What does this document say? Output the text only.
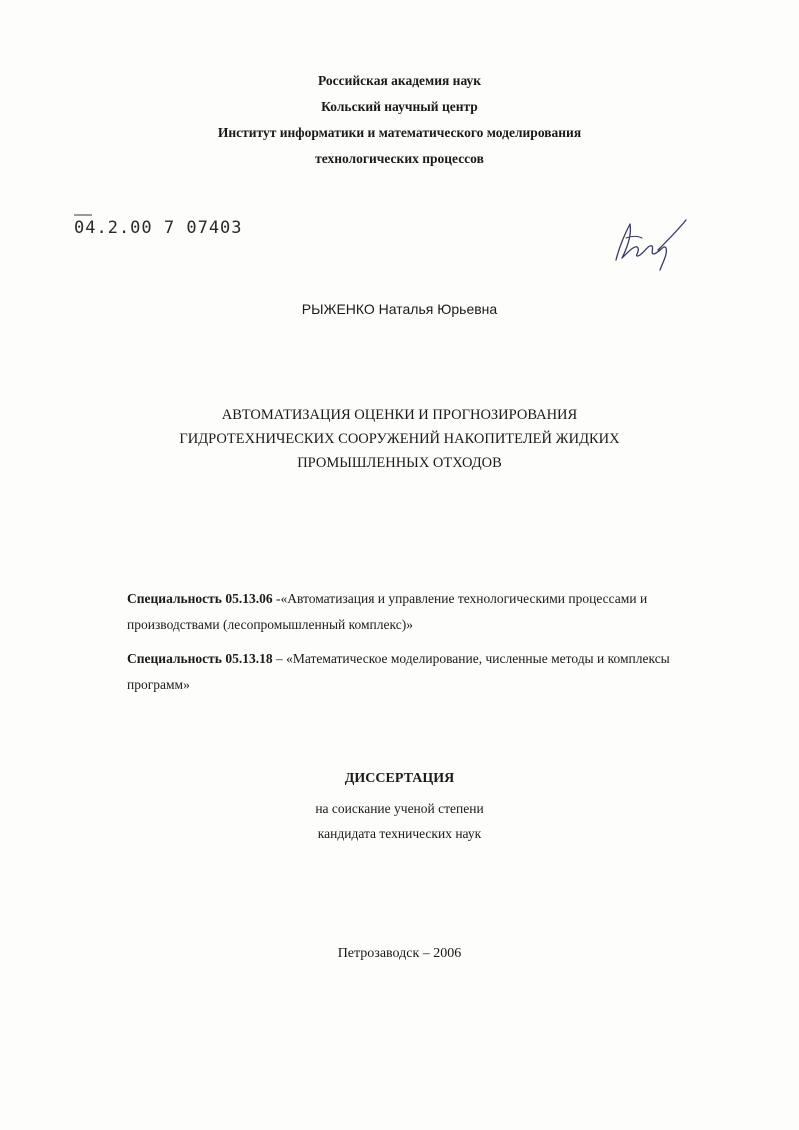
Российская академия наук

Кольский научный центр

Институт информатики и математического моделирования

технологических процессов

04.2.00 7 07403
РЫЖЕНКО Наталья Юрьевна

АВТОМАТИЗАЦИЯ ОЦЕНКИ И ПРОГНОЗИРОВАНИЯ

ГИДРОТЕХНИЧЕСКИХ СООРУЖЕНИЙ НАКОПИТЕЛЕЙ ЖИДКИХ

ПРОМЫШЛЕННЫХ ОТХОДОВ

Специальность 05.13.06 -«Автоматизация и управление технологическими процессами и производствами (лесопромышленный комплекс)»
Специальность 05.13.18 – «Математическое моделирование, численные методы и комплексы программ»

ДИССЕРТАЦИЯ

на соискание ученой степени

кандидата технических наук

Петрозаводск – 2006
